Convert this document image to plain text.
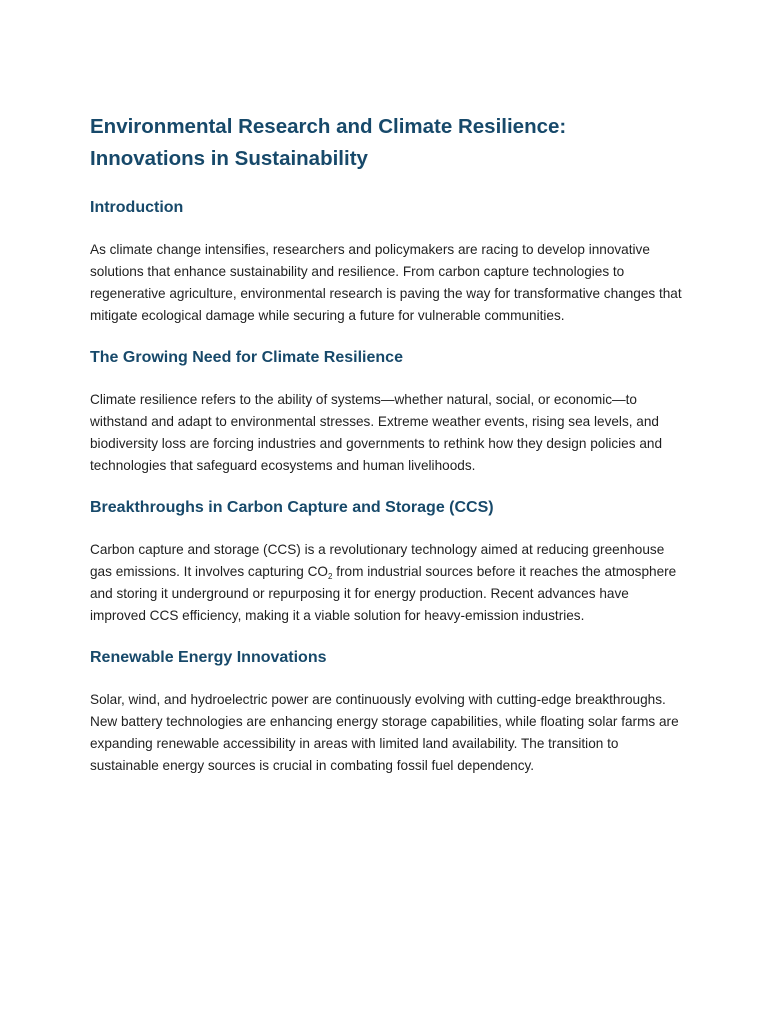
Environmental Research and Climate Resilience: Innovations in Sustainability
Introduction

As climate change intensifies, researchers and policymakers are racing to develop innovative solutions that enhance sustainability and resilience. From carbon capture technologies to regenerative agriculture, environmental research is paving the way for transformative changes that mitigate ecological damage while securing a future for vulnerable communities.

The Growing Need for Climate Resilience

Climate resilience refers to the ability of systems—whether natural, social, or economic—to withstand and adapt to environmental stresses. Extreme weather events, rising sea levels, and biodiversity loss are forcing industries and governments to rethink how they design policies and technologies that safeguard ecosystems and human livelihoods.

Breakthroughs in Carbon Capture and Storage (CCS)

Carbon capture and storage (CCS) is a revolutionary technology aimed at reducing greenhouse gas emissions. It involves capturing $CO_2$ from industrial sources before it reaches the atmosphere and storing it underground or repurposing it for energy production. Recent advances have improved CCS efficiency, making it a viable solution for heavy-emission industries.

Renewable Energy Innovations

Solar, wind, and hydroelectric power are continuously evolving with cutting-edge breakthroughs. New battery technologies are enhancing energy storage capabilities, while floating solar farms are expanding renewable accessibility in areas with limited land availability. The transition to sustainable energy sources is crucial in combating fossil fuel dependency.
